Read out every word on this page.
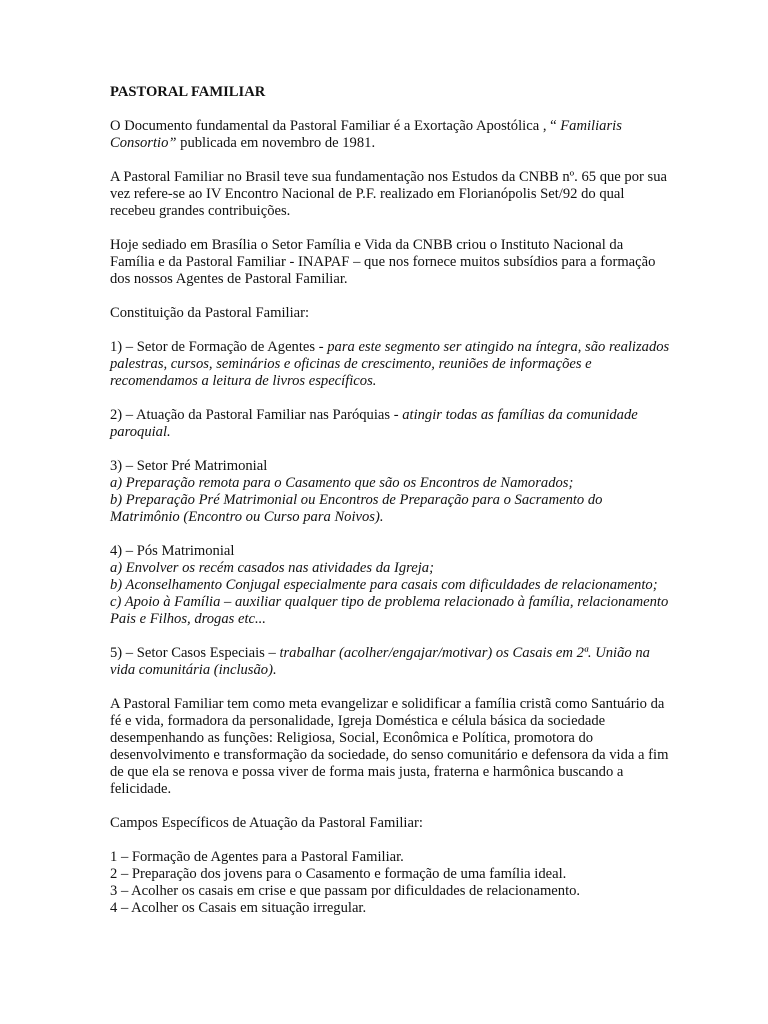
PASTORAL FAMILIAR

O Documento fundamental da Pastoral Familiar é a Exortação Apostólica , “ Familiaris Consortio” publicada em novembro de 1981.

A Pastoral Familiar no Brasil teve sua fundamentação nos Estudos da CNBB nº. 65 que por sua vez refere-se ao IV Encontro Nacional de P.F. realizado em Florianópolis Set/92 do qual recebeu grandes contribuições.

Hoje sediado em Brasília o Setor Família e Vida da CNBB criou o Instituto Nacional da Família e da Pastoral Familiar - INAPAF – que nos fornece muitos subsídios para a formação dos nossos Agentes de Pastoral Familiar.

Constituição da Pastoral Familiar:

1) – Setor de Formação de Agentes - para este segmento ser atingido na íntegra, são realizados palestras, cursos, seminários e oficinas de crescimento, reuniões de informações e recomendamos a leitura de livros específicos.

2) – Atuação da Pastoral Familiar nas Paróquias - atingir todas as famílias da comunidade paroquial.

3) – Setor Pré Matrimonial

a) Preparação remota para o Casamento que são os Encontros de Namorados;

b) Preparação Pré Matrimonial ou Encontros de Preparação para o Sacramento do Matrimônio (Encontro ou Curso para Noivos).

4) – Pós Matrimonial

a) Envolver os recém casados nas atividades da Igreja;

b) Aconselhamento Conjugal especialmente para casais com dificuldades de relacionamento;

c) Apoio à Família – auxiliar qualquer tipo de problema relacionado à família, relacionamento Pais e Filhos, drogas etc...

5) – Setor Casos Especiais – trabalhar (acolher/engajar/motivar) os Casais em 2ª. União na vida comunitária (inclusão).

A Pastoral Familiar tem como meta evangelizar e solidificar a família cristã como Santuário da fé e vida, formadora da personalidade, Igreja Doméstica e célula básica da sociedade desempenhando as funções: Religiosa, Social, Econômica e Política, promotora do desenvolvimento e transformação da sociedade, do senso comunitário e defensora da vida a fim de que ela se renova e possa viver de forma mais justa, fraterna e harmônica buscando a felicidade.

Campos Específicos de Atuação da Pastoral Familiar:

1 – Formação de Agentes para a Pastoral Familiar.

2 – Preparação dos jovens para o Casamento e formação de uma família ideal.

3 – Acolher os casais em crise e que passam por dificuldades de relacionamento.

4 – Acolher os Casais em situação irregular.
